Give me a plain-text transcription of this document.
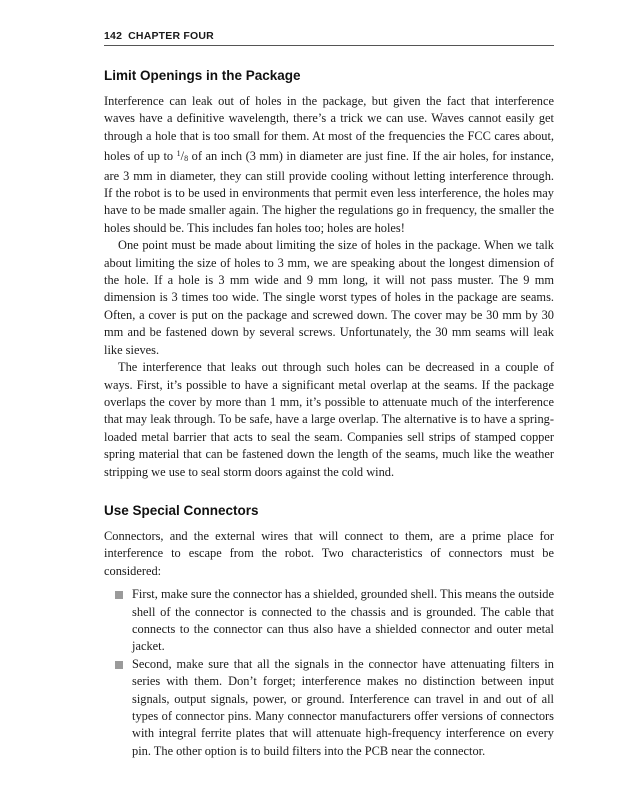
142 CHAPTER FOUR
Limit Openings in the Package

Interference can leak out of holes in the package, but given the fact that interference waves have a definitive wavelength, there’s a trick we can use. Waves cannot easily get through a hole that is too small for them. At most of the frequencies the FCC cares about, holes of up to $^1/_8$ of an inch (3 mm) in diameter are just fine. If the air holes, for instance, are 3 mm in diameter, they can still provide cooling without letting interference through. If the robot is to be used in environments that permit even less interference, the holes may have to be made smaller again. The higher the regulations go in frequency, the smaller the holes should be. This includes fan holes too; holes are holes!

One point must be made about limiting the size of holes in the package. When we talk about limiting the size of holes to 3 mm, we are speaking about the longest dimension of the hole. If a hole is 3 mm wide and 9 mm long, it will not pass muster. The 9 mm dimension is 3 times too wide. The single worst types of holes in the package are seams. Often, a cover is put on the package and screwed down. The cover may be 30 mm by 30 mm and be fastened down by several screws. Unfortunately, the 30 mm seams will leak like sieves.

The interference that leaks out through such holes can be decreased in a couple of ways. First, it’s possible to have a significant metal overlap at the seams. If the package overlaps the cover by more than 1 mm, it’s possible to attenuate much of the interference that may leak through. To be safe, have a large overlap. The alternative is to have a spring-loaded metal barrier that acts to seal the seam. Companies sell strips of stamped copper spring material that can be fastened down the length of the seams, much like the weather stripping we use to seal storm doors against the cold wind.

Use Special Connectors

Connectors, and the external wires that will connect to them, are a prime place for interference to escape from the robot. Two characteristics of connectors must be considered:

First, make sure the connector has a shielded, grounded shell. This means the outside shell of the connector is connected to the chassis and is grounded. The cable that connects to the connector can thus also have a shielded connector and outer metal jacket.
Second, make sure that all the signals in the connector have attenuating filters in series with them. Don’t forget; interference makes no distinction between input signals, output signals, power, or ground. Interference can travel in and out of all types of connector pins. Many connector manufacturers offer versions of connectors with integral ferrite plates that will attenuate high-frequency interference on every pin. The other option is to build filters into the PCB near the connector.
